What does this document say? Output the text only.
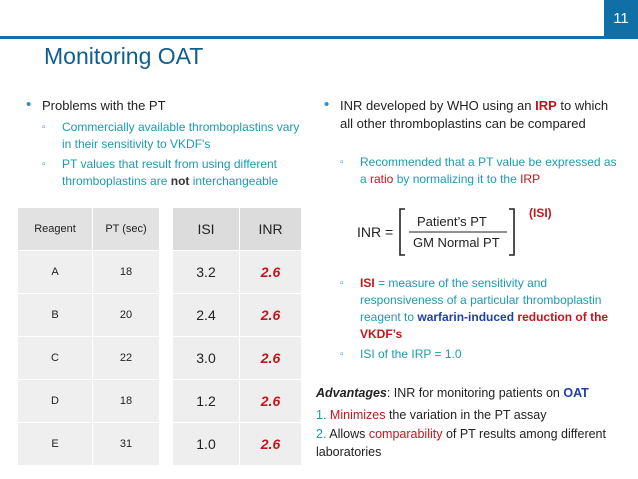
11
Monitoring OAT
• Problems with the PT
▫ Commercially available thromboplastins vary in their sensitivity to VKDF's
▫ PT values that result from using different thromboplastins are not interchangeable
Reagent	PT (sec)
A	18
B	20
C	22
D	18
E	31
ISI	INR
3.2	2.6
2.4	2.6
3.0	2.6
1.2	2.6
1.0	2.6
• INR developed by WHO using an IRP to which all other thromboplastins can be compared
▫ Recommended that a PT value be expressed as a ratio by normalizing it to the IRP
INR =
Patient’s PT
GM Normal PT
(ISI)
▫ ISI = measure of the sensitivity and responsiveness of a particular thromboplastin reagent to warfarin-induced reduction of the VKDF’s
▫ ISI of the IRP = 1.0
Advantages: INR for monitoring patients on OAT
1. Minimizes the variation in the PT assay
2. Allows comparability of PT results among different laboratories
